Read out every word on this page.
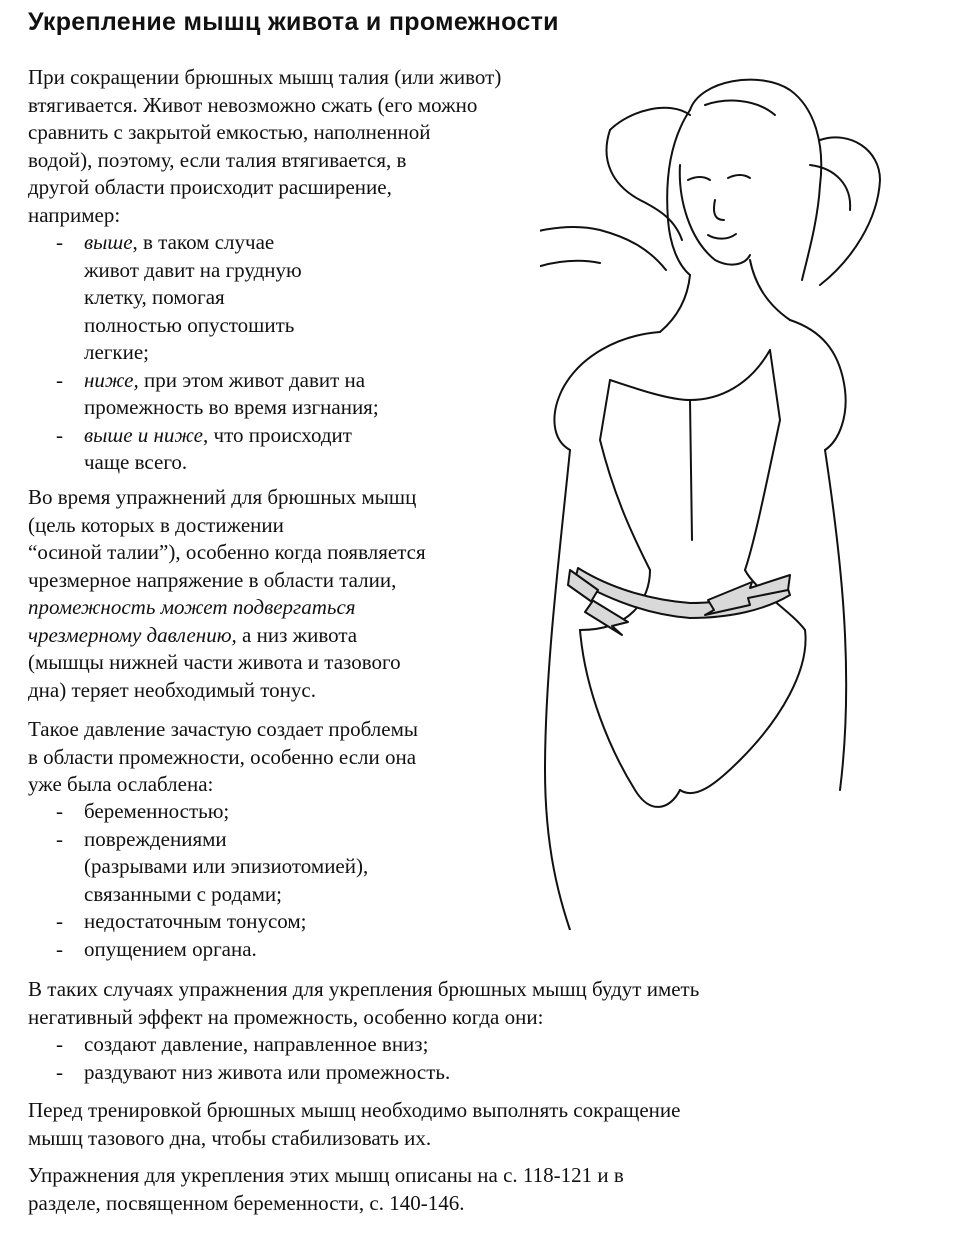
Укрепление мышц живота и промежности
При сокращении брюшных мышц талия (или живот)
втягивается. Живот невозможно сжать (его можно
сравнить с закрытой емкостью, наполненной
водой), поэтому, если талия втягивается, в
другой области происходит расширение,
например:
- выше, в таком случае
живот давит на грудную
клетку, помогая
полностью опустошить
легкие;
- ниже, при этом живот давит на
промежность во время изгнания;
- выше и ниже, что происходит
чаще всего.
Во время упражнений для брюшных мышц
(цель которых в достижении
“осиной талии”), особенно когда появляется
чрезмерное напряжение в области талии,
промежность может подвергаться
чрезмерному давлению, а низ живота
(мышцы нижней части живота и тазового
дна) теряет необходимый тонус.
Такое давление зачастую создает проблемы
в области промежности, особенно если она
уже была ослаблена:
- беременностью;
- повреждениями
(разрывами или эпизиотомией),
связанными с родами;
- недостаточным тонусом;
- опущением органа.
В таких случаях упражнения для укрепления брюшных мышц будут иметь
негативный эффект на промежность, особенно когда они:
- создают давление, направленное вниз;
- раздувают низ живота или промежность.
Перед тренировкой брюшных мышц необходимо выполнять сокращение
мышц тазового дна, чтобы стабилизовать их.
Упражнения для укрепления этих мышц описаны на с. 118-121 и в
разделе, посвященном беременности, с. 140-146.
